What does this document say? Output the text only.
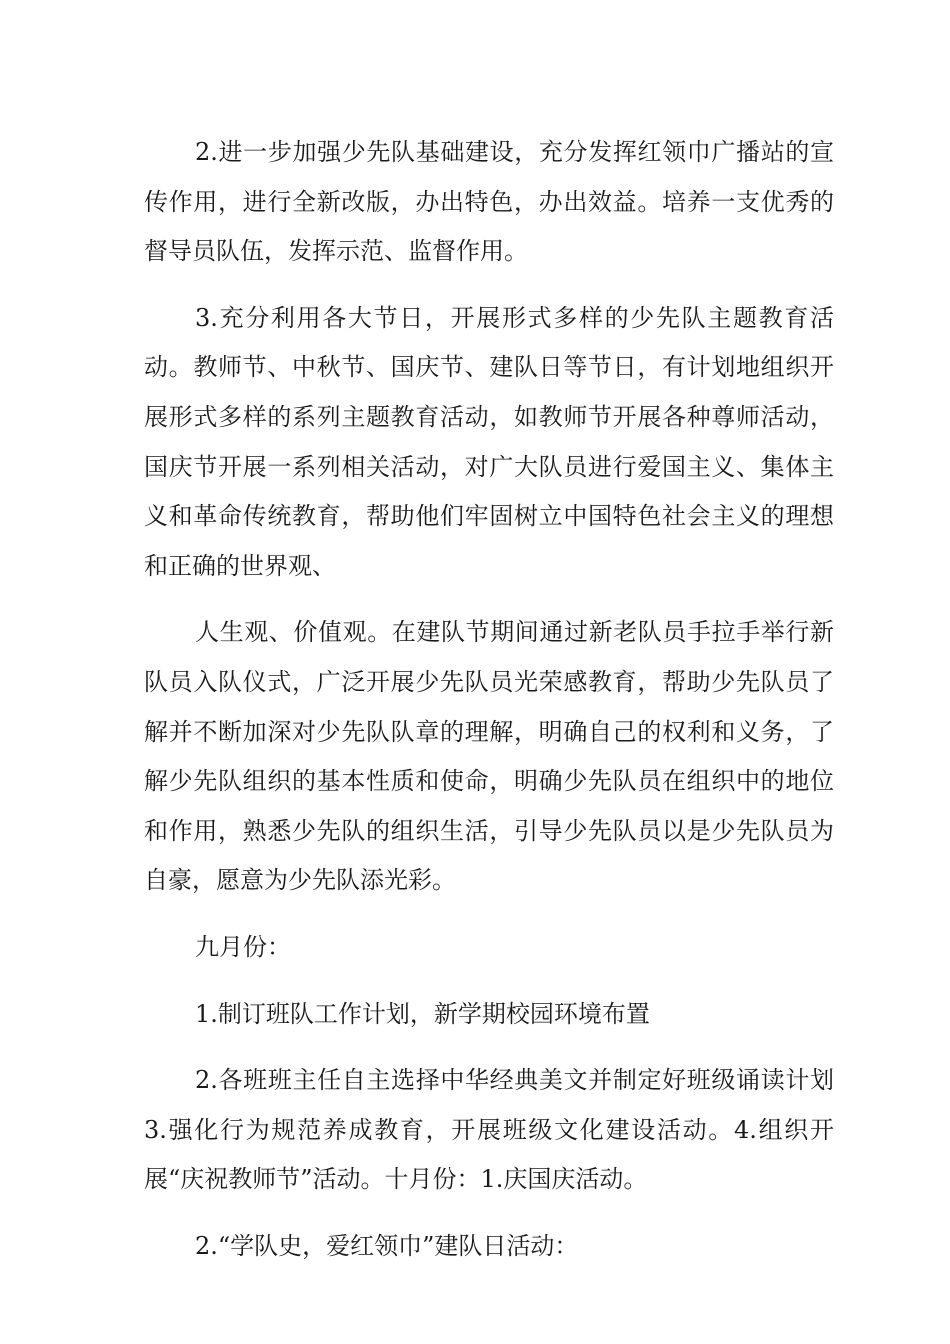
2.进一步加强少先队基础建设，充分发挥红领巾广播站的宣传作用，进行全新改版，办出特色，办出效益。培养一支优秀的督导员队伍，发挥示范、监督作用。

3.充分利用各大节日，开展形式多样的少先队主题教育活动。教师节、中秋节、国庆节、建队日等节日，有计划地组织开展形式多样的系列主题教育活动，如教师节开展各种尊师活动，国庆节开展一系列相关活动，对广大队员进行爱国主义、集体主义和革命传统教育，帮助他们牢固树立中国特色社会主义的理想和正确的世界观、

人生观、价值观。在建队节期间通过新老队员手拉手举行新队员入队仪式，广泛开展少先队员光荣感教育，帮助少先队员了解并不断加深对少先队队章的理解，明确自己的权利和义务，了解少先队组织的基本性质和使命，明确少先队员在组织中的地位和作用，熟悉少先队的组织生活，引导少先队员以是少先队员为自豪，愿意为少先队添光彩。

九月份：

1.制订班队工作计划，新学期校园环境布置

2.各班班主任自主选择中华经典美文并制定好班级诵读计划 3.强化行为规范养成教育，开展班级文化建设活动。4.组织开展“庆祝教师节”活动。十月份：1.庆国庆活动。

2.“学队史，爱红领巾”建队日活动：
